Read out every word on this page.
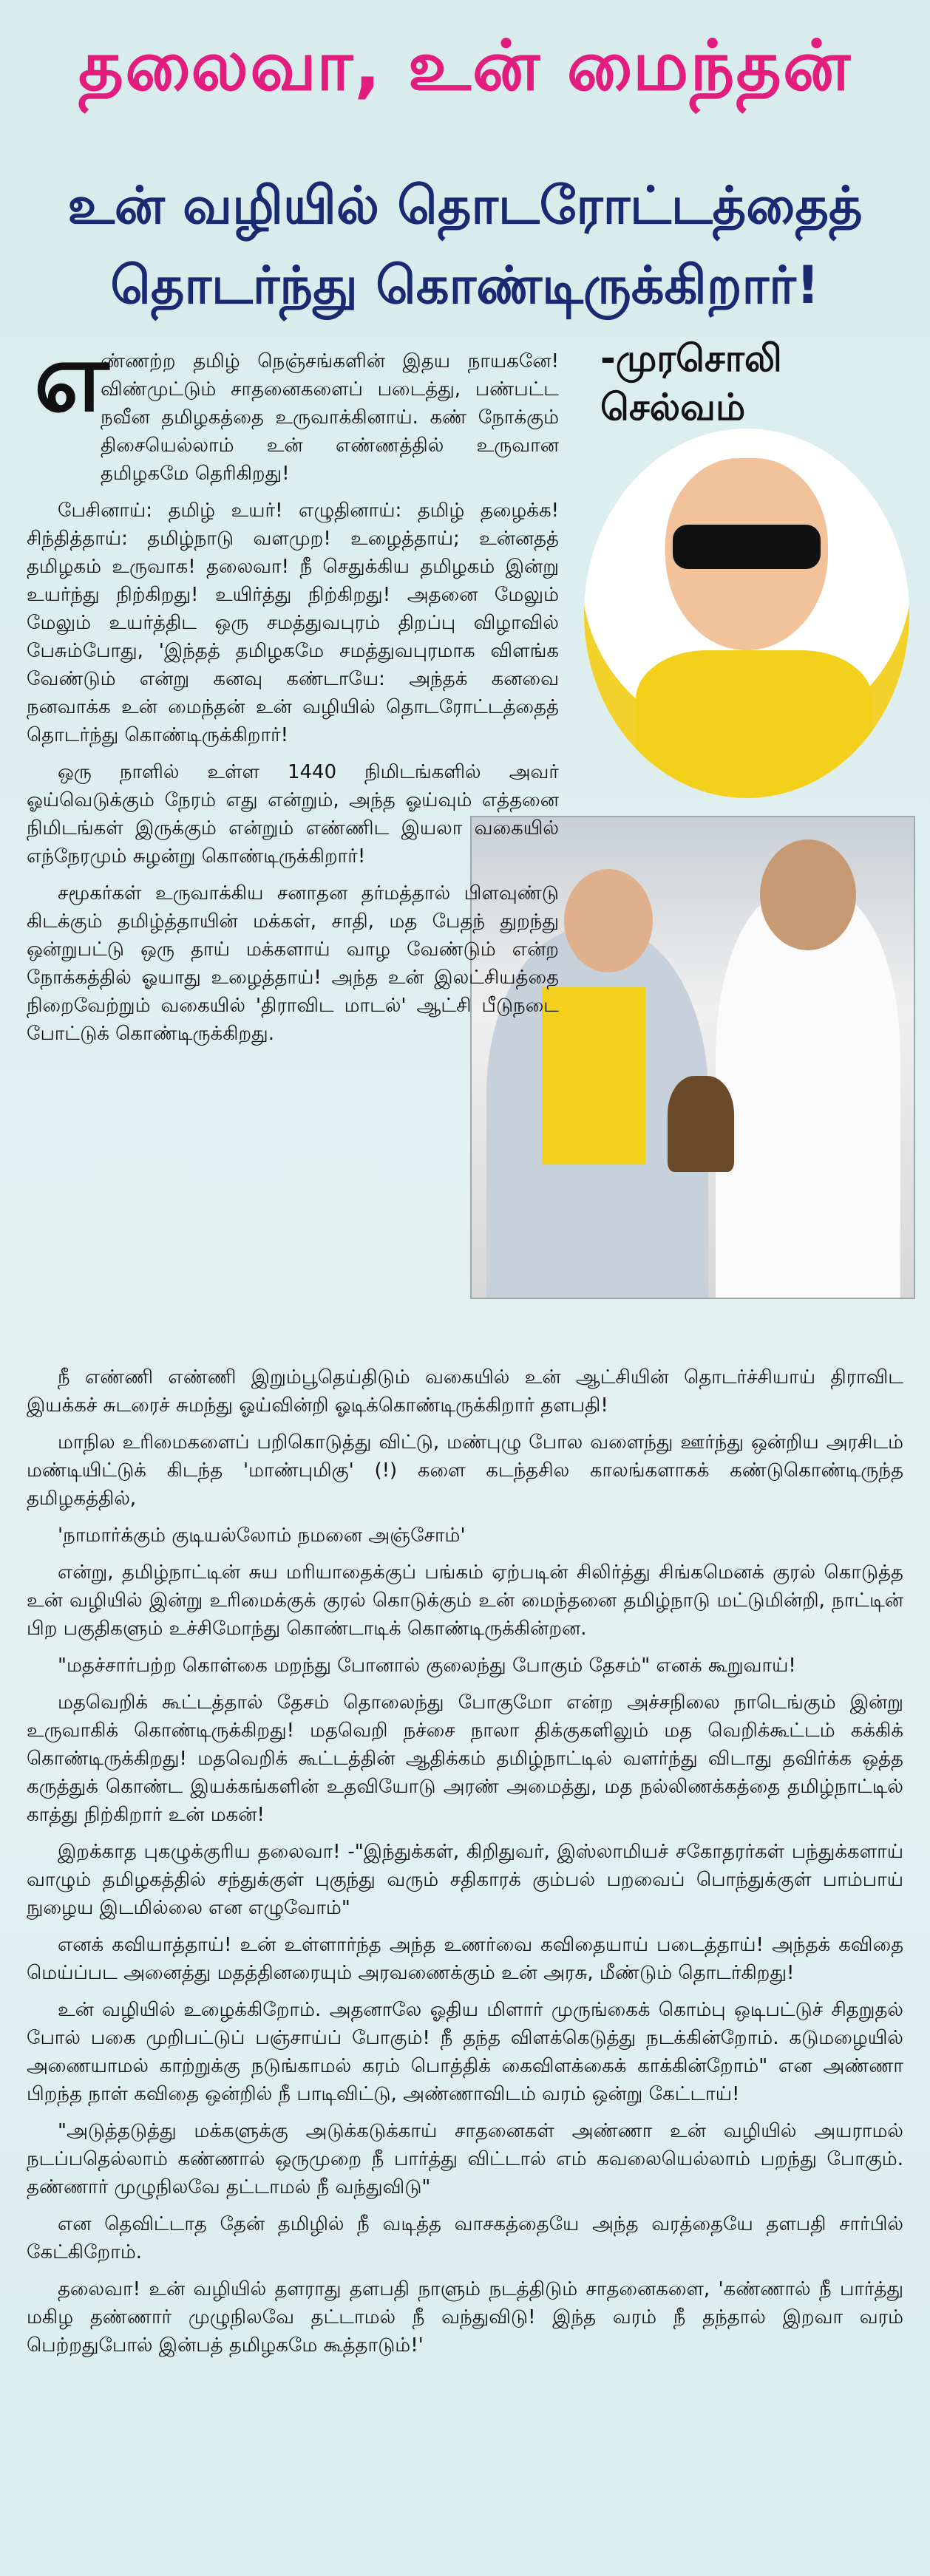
தலைவா, உன் மைந்தன்
உன் வழியில் தொடரோட்டத்தைத்
தொடர்ந்து கொண்டிருக்கிறார்!
-முரசொலி செல்வம்
எ

ண்ணற்ற தமிழ் நெஞ்சங்களின் இதய நாயகனே! விண்முட்டும் சாதனைகளைப் படைத்து, பண்பட்ட நவீன தமிழகத்தை உருவாக்கினாய். கண் நோக்கும் திசையெல்லாம் உன் எண்ணத்தில் உருவான தமிழகமே தெரிகிறது!

பேசினாய்: தமிழ் உயர்! எழுதினாய்: தமிழ் தழைக்க! சிந்தித்தாய்: தமிழ்நாடு வளமுற! உழைத்தாய்; உன்னதத் தமிழகம் உருவாக! தலைவா! நீ செதுக்கிய தமிழகம் இன்று உயர்ந்து நிற்கிறது! உயிர்த்து நிற்கிறது! அதனை மேலும் மேலும் உயர்த்திட ஒரு சமத்துவபுரம் திறப்பு விழாவில் பேசும்போது, 'இந்தத் தமிழகமே சமத்துவபுரமாக விளங்க வேண்டும் என்று கனவு கண்டாயே: அந்தக் கனவை நனவாக்க உன் மைந்தன் உன் வழியில் தொடரோட்டத்தைத் தொடர்ந்து கொண்டிருக்கிறார்!

ஒரு நாளில் உள்ள 1440 நிமிடங்களில் அவர் ஓய்வெடுக்கும் நேரம் எது என்றும், அந்த ஓய்வும் எத்தனை நிமிடங்கள் இருக்கும் என்றும் எண்ணிட இயலா வகையில் எந்நேரமும் சுழன்று கொண்டிருக்கிறார்!

சமூகர்கள் உருவாக்கிய சனாதன தர்மத்தால் பிளவுண்டு கிடக்கும் தமிழ்த்தாயின் மக்கள், சாதி, மத பேதந் துறந்து ஒன்றுபட்டு ஒரு தாய் மக்களாய் வாழ வேண்டும் என்ற நோக்கத்தில் ஓயாது உழைத்தாய்! அந்த உன் இலட்சியத்தை நிறைவேற்றும் வகையில் 'திராவிட மாடல்' ஆட்சி பீடுநடை போட்டுக் கொண்டிருக்கிறது.

நீ எண்ணி எண்ணி இறும்பூதெய்திடும் வகையில் உன் ஆட்சியின் தொடர்ச்சியாய் திராவிட இயக்கச் சுடரைச் சுமந்து ஓய்வின்றி ஓடிக்கொண்டிருக்கிறார் தளபதி!

மாநில உரிமைகளைப் பறிகொடுத்து விட்டு, மண்புழு போல வளைந்து ஊர்ந்து ஒன்றிய அரசிடம் மண்டியிட்டுக் கிடந்த 'மாண்புமிகு' (!) களை கடந்தசில காலங்களாகக் கண்டுகொண்டிருந்த தமிழகத்தில்,

'நாமார்க்கும் குடியல்லோம் நமனை அஞ்சோம்'

என்று, தமிழ்நாட்டின் சுய மரியாதைக்குப் பங்கம் ஏற்படின் சிலிர்த்து சிங்கமெனக் குரல் கொடுத்த உன் வழியில் இன்று உரிமைக்குக் குரல் கொடுக்கும் உன் மைந்தனை தமிழ்நாடு மட்டுமின்றி, நாட்டின் பிற பகுதிகளும் உச்சிமோந்து கொண்டாடிக் கொண்டிருக்கின்றன.

"மதச்சார்பற்ற கொள்கை மறந்து போனால் குலைந்து போகும் தேசம்" எனக் கூறுவாய்!

மதவெறிக் கூட்டத்தால் தேசம் தொலைந்து போகுமோ என்ற அச்சநிலை நாடெங்கும் இன்று உருவாகிக் கொண்டிருக்கிறது! மதவெறி நச்சை நாலா திக்குகளிலும் மத வெறிக்கூட்டம் கக்கிக் கொண்டிருக்கிறது! மதவெறிக் கூட்டத்தின் ஆதிக்கம் தமிழ்நாட்டில் வளர்ந்து விடாது தவிர்க்க ஒத்த கருத்துக் கொண்ட இயக்கங்களின் உதவியோடு அரண் அமைத்து, மத நல்லிணக்கத்தை தமிழ்நாட்டில் காத்து நிற்கிறார் உன் மகன்!

இறக்காத புகழுக்குரிய தலைவா! -"இந்துக்கள், கிறிதுவர், இஸ்லாமியச் சகோதரர்கள் பந்துக்களாய் வாழும் தமிழகத்தில் சந்துக்குள் புகுந்து வரும் சதிகாரக் கும்பல் பறவைப் பொந்துக்குள் பாம்பாய் நுழைய இடமில்லை என எழுவோம்"

எனக் கவியாத்தாய்! உன் உள்ளார்ந்த அந்த உணர்வை கவிதையாய் படைத்தாய்! அந்தக் கவிதை மெய்ப்பட அனைத்து மதத்தினரையும் அரவணைக்கும் உன் அரசு, மீண்டும் தொடர்கிறது!

உன் வழியில் உழைக்கிறோம். அதனாலே ஓதிய மிளார் முருங்கைக் கொம்பு ஒடிபட்டுச் சிதறுதல் போல் பகை முறிபட்டுப் பஞ்சாய்ப் போகும்! நீ தந்த விளக்கெடுத்து நடக்கின்றோம். கடுமழையில் அணையாமல் காற்றுக்கு நடுங்காமல் கரம் பொத்திக் கைவிளக்கைக் காக்கின்றோம்" என அண்ணா பிறந்த நாள் கவிதை ஒன்றில் நீ பாடிவிட்டு, அண்ணாவிடம் வரம் ஒன்று கேட்டாய்!

"அடுத்தடுத்து மக்களுக்கு அடுக்கடுக்காய் சாதனைகள் அண்ணா உன் வழியில் அயராமல் நடப்பதெல்லாம் கண்ணால் ஒருமுறை நீ பார்த்து விட்டால் எம் கவலையெல்லாம் பறந்து போகும். தண்ணார் முழுநிலவே தட்டாமல் நீ வந்துவிடு"

என தெவிட்டாத தேன் தமிழில் நீ வடித்த வாசகத்தையே அந்த வரத்தையே தளபதி சார்பில் கேட்கிறோம்.

தலைவா! உன் வழியில் தளராது தளபதி நாளும் நடத்திடும் சாதனைகளை, 'கண்ணால் நீ பார்த்து மகிழ தண்ணார் முழுநிலவே தட்டாமல் நீ வந்துவிடு! இந்த வரம் நீ தந்தால் இறவா வரம் பெற்றதுபோல் இன்பத் தமிழகமே கூத்தாடும்!'
